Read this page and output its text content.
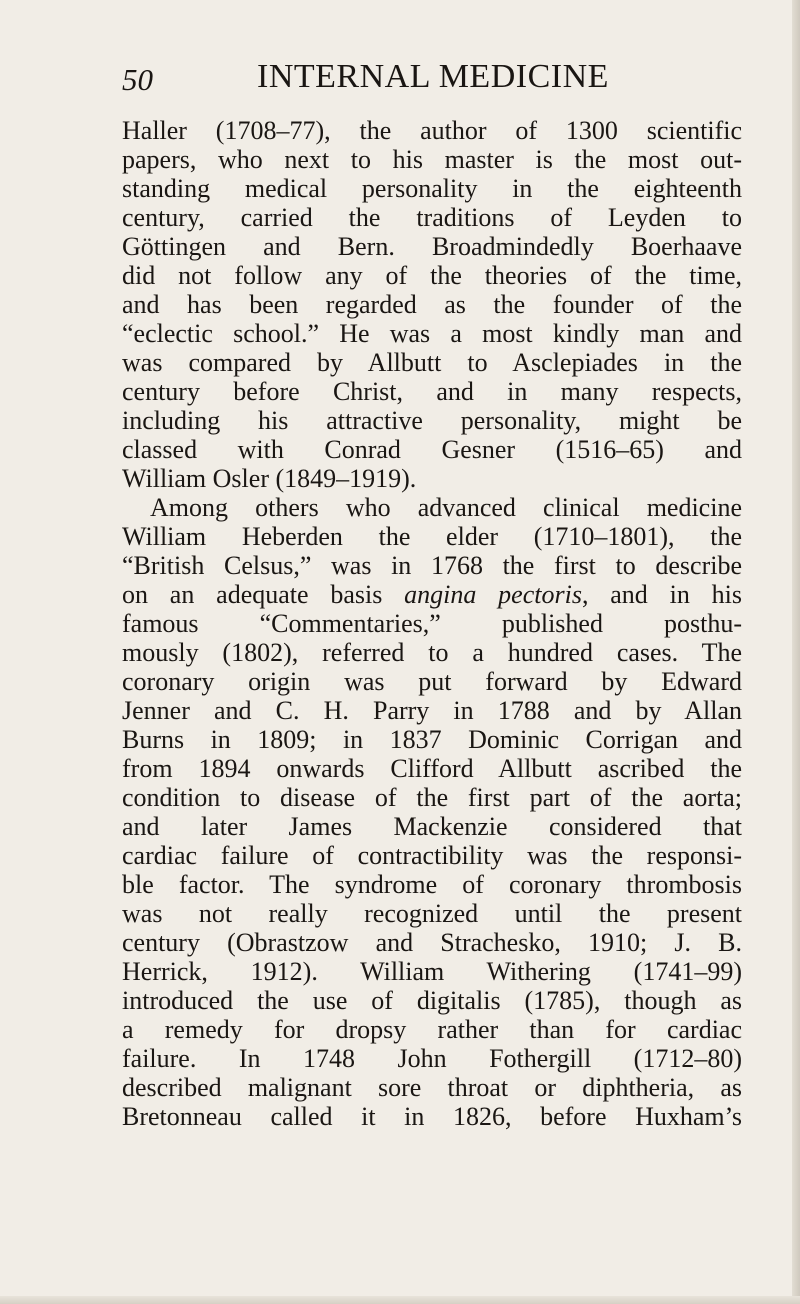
50	INTERNAL MEDICINE
Haller (1708–77), the author of 1300 scientific
papers, who next to his master is the most out-
standing medical personality in the eighteenth
century, carried the traditions of Leyden to
Göttingen and Bern. Broadmindedly Boerhaave
did not follow any of the theories of the time,
and has been regarded as the founder of the
“eclectic school.” He was a most kindly man and
was compared by Allbutt to Asclepiades in the
century before Christ, and in many respects,
including his attractive personality, might be
classed with Conrad Gesner (1516–65) and
William Osler (1849–1919).
Among others who advanced clinical medicine
William Heberden the elder (1710–1801), the
“British Celsus,” was in 1768 the first to describe
on an adequate basis angina pectoris, and in his
famous “Commentaries,” published posthu-
mously (1802), referred to a hundred cases. The
coronary origin was put forward by Edward
Jenner and C. H. Parry in 1788 and by Allan
Burns in 1809; in 1837 Dominic Corrigan and
from 1894 onwards Clifford Allbutt ascribed the
condition to disease of the first part of the aorta;
and later James Mackenzie considered that
cardiac failure of contractibility was the responsi-
ble factor. The syndrome of coronary thrombosis
was not really recognized until the present
century (Obrastzow and Strachesko, 1910; J. B.
Herrick, 1912). William Withering (1741–99)
introduced the use of digitalis (1785), though as
a remedy for dropsy rather than for cardiac
failure. In 1748 John Fothergill (1712–80)
described malignant sore throat or diphtheria, as
Bretonneau called it in 1826, before Huxham’s
